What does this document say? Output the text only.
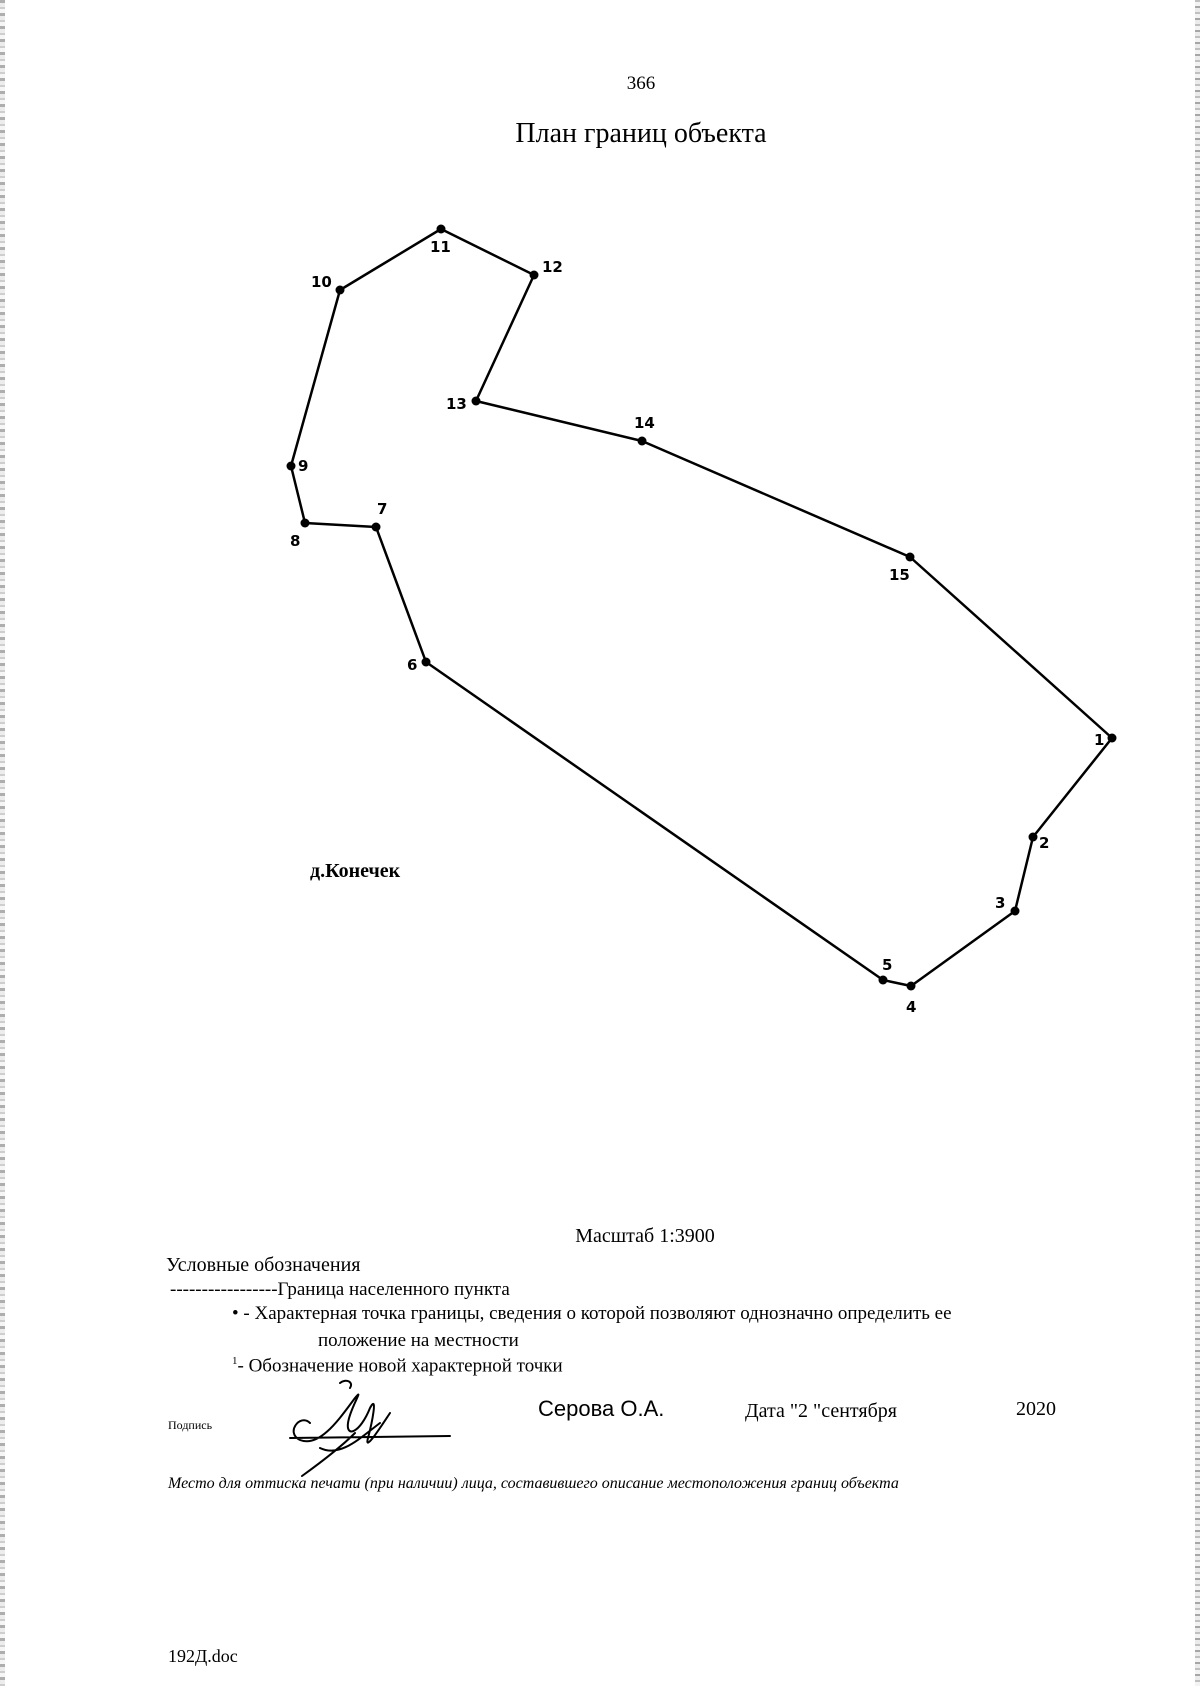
366
План границ объекта
1
2
3
4
5
6
7
8
9
10
11
12
13
14
15
д.Конечек
Масштаб 1:3900
Условные обозначения
-----------------Граница населенного пункта
• - Характерная точка границы, сведения о которой позволяют однозначно определить ее
положение на местности
$^1$- Обозначение новой характерной точки
Подпись
Серова О.А.	Дата "2 "сентября	2020
Место для оттиска печати (при наличии) лица, составившего описание местоположения границ объекта
192Д.doc
